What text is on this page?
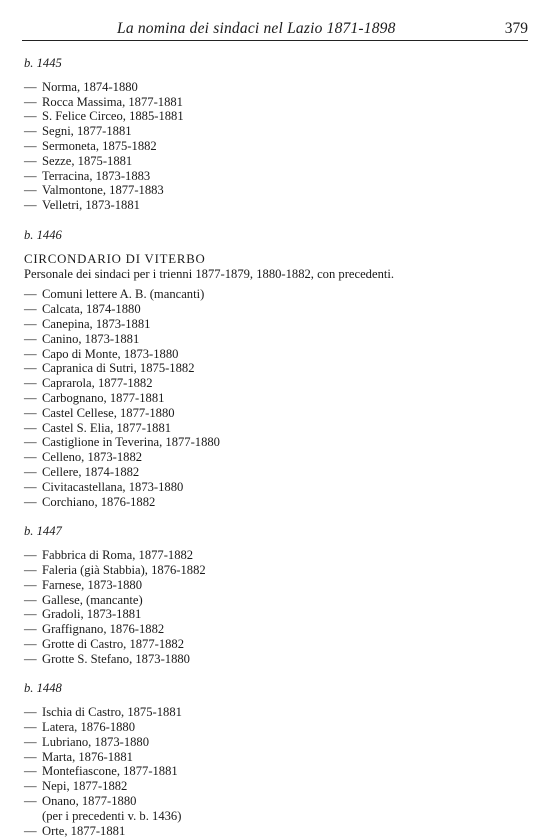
La nomina dei sindaci nel Lazio 1871-1898	379
b. 1445
— Norma, 1874-1880
— Rocca Massima, 1877-1881
— S. Felice Circeo, 1885-1881
— Segni, 1877-1881
— Sermoneta, 1875-1882
— Sezze, 1875-1881
— Terracina, 1873-1883
— Valmontone, 1877-1883
— Velletri, 1873-1881
b. 1446
CIRCONDARIO DI VITERBO
Personale dei sindaci per i trienni 1877-1879, 1880-1882, con precedenti.
— Comuni lettere A. B. (mancanti)
— Calcata, 1874-1880
— Canepina, 1873-1881
— Canino, 1873-1881
— Capo di Monte, 1873-1880
— Capranica di Sutri, 1875-1882
— Caprarola, 1877-1882
— Carbognano, 1877-1881
— Castel Cellese, 1877-1880
— Castel S. Elia, 1877-1881
— Castiglione in Teverina, 1877-1880
— Celleno, 1873-1882
— Cellere, 1874-1882
— Civitacastellana, 1873-1880
— Corchiano, 1876-1882
b. 1447
— Fabbrica di Roma, 1877-1882
— Faleria (già Stabbia), 1876-1882
— Farnese, 1873-1880
— Gallese, (mancante)
— Gradoli, 1873-1881
— Graffignano, 1876-1882
— Grotte di Castro, 1877-1882
— Grotte S. Stefano, 1873-1880
b. 1448
— Ischia di Castro, 1875-1881
— Latera, 1876-1880
— Lubriano, 1873-1880
— Marta, 1876-1881
— Montefiascone, 1877-1881
— Nepi, 1877-1882
— Onano, 1877-1880
(per i precedenti v. b. 1436)
— Orte, 1877-1881
